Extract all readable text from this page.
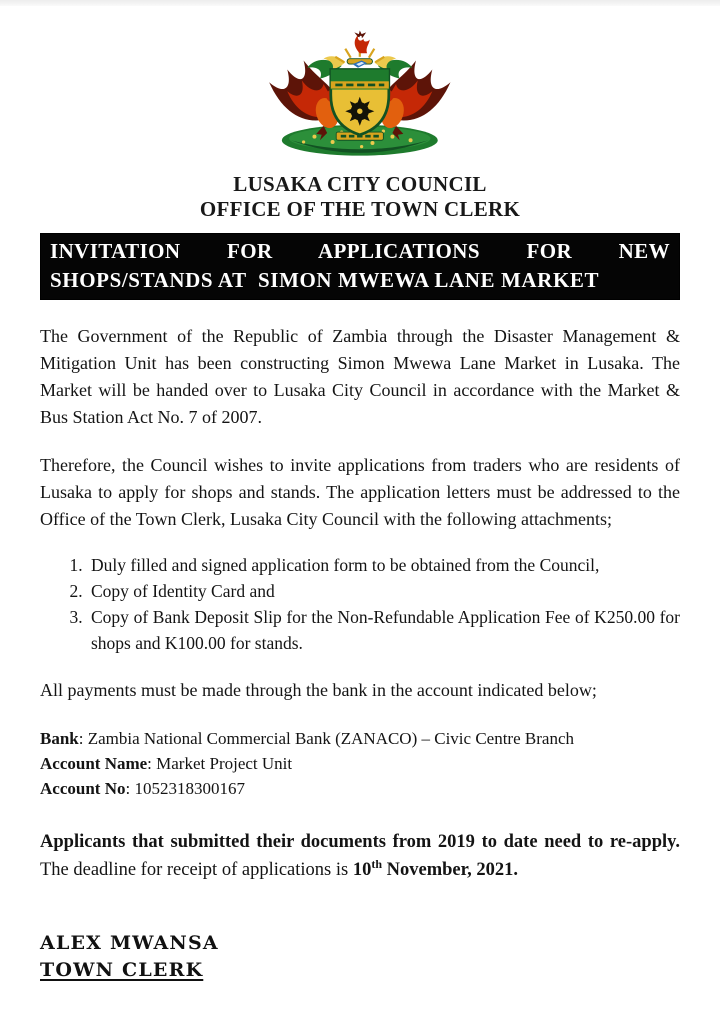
LUSAKA CITY COUNCIL
OFFICE OF THE TOWN CLERK
INVITATION FOR APPLICATIONS FOR NEW
SHOPS/STANDS AT  SIMON MWEWA LANE MARKET

The Government of the Republic of Zambia through the Disaster Management & Mitigation Unit has been constructing Simon Mwewa Lane Market in Lusaka. The Market will be handed over to Lusaka City Council in accordance with the Market & Bus Station Act No. 7 of 2007.

Therefore, the Council wishes to invite applications from traders who are residents of Lusaka to apply for shops and stands. The application letters must be addressed to the Office of the Town Clerk, Lusaka City Council with the following attachments;

1. Duly filled and signed application form to be obtained from the Council,
2. Copy of Identity Card and
3. Copy of Bank Deposit Slip for the Non-Refundable Application Fee of K250.00 for shops and K100.00 for stands.

All payments must be made through the bank in the account indicated below;

Bank: Zambia National Commercial Bank (ZANACO) – Civic Centre Branch
Account Name: Market Project Unit
Account No: 1052318300167

Applicants that submitted their documents from 2019 to date need to re-apply. The deadline for receipt of applications is 10th November, 2021.

ALEX MWANSA
TOWN CLERK
